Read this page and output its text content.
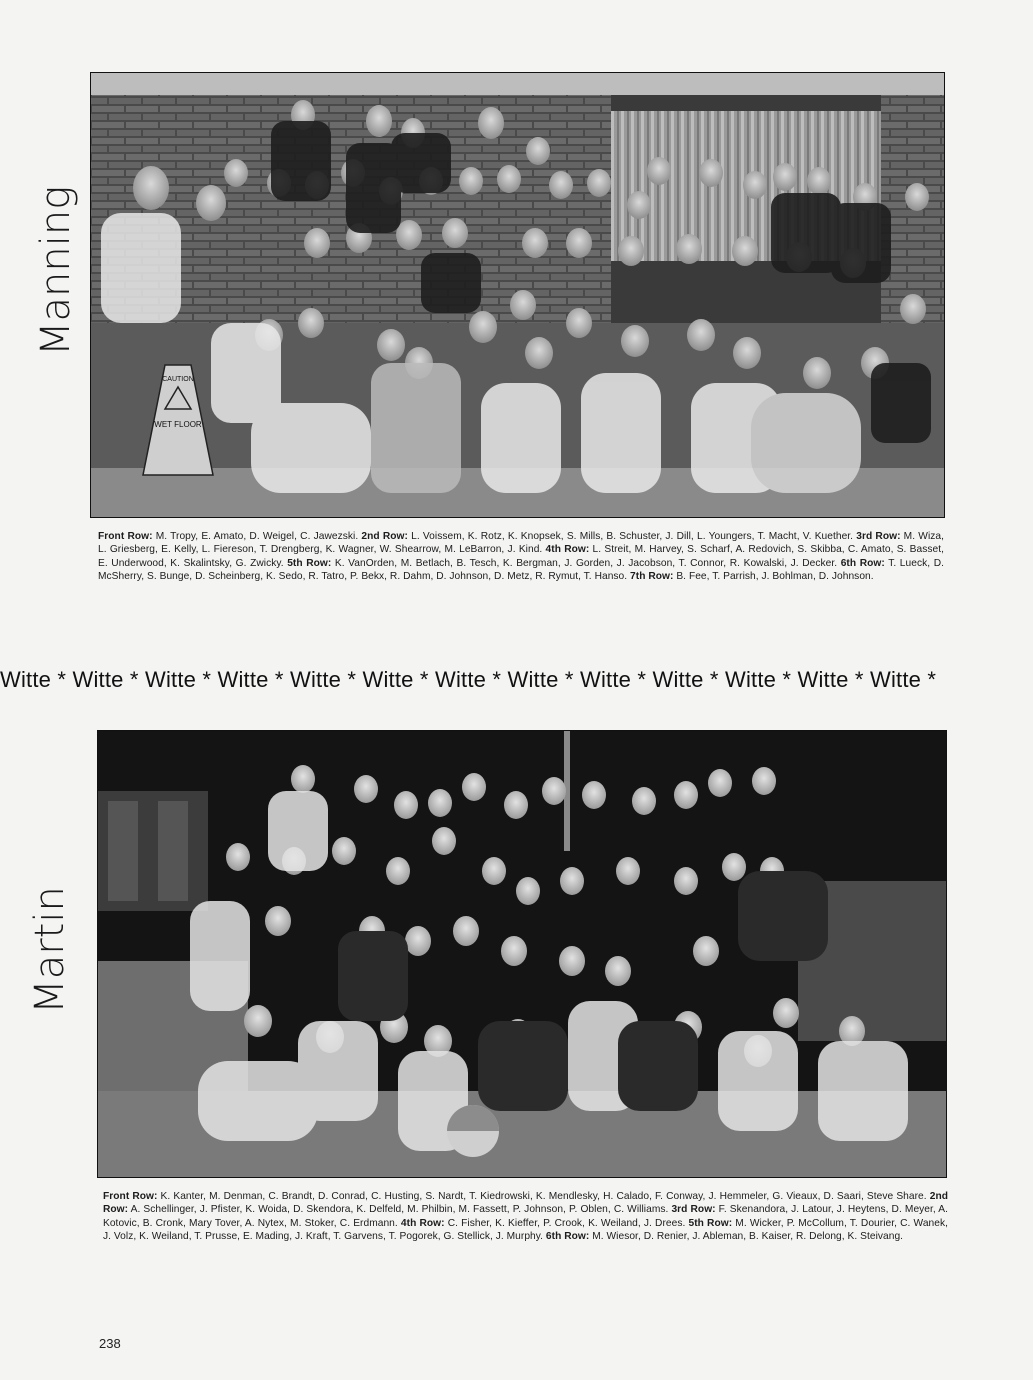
Manning
Martin
CAUTION
WET FLOOR
Front Row: M. Tropy, E. Amato, D. Weigel, C. Jawezski. 2nd Row: L. Voissem, K. Rotz, K. Knopsek, S. Mills, B. Schuster, J. Dill, L. Youngers, T. Macht, V. Kuether. 3rd Row: M. Wiza, L. Griesberg, E. Kelly, L. Fiereson, T. Drengberg, K. Wagner, W. Shearrow, M. LeBarron, J. Kind. 4th Row: L. Streit, M. Harvey, S. Scharf, A. Redovich, S. Skibba, C. Amato, S. Basset, E. Underwood, K. Skalintsky, G. Zwicky. 5th Row: K. VanOrden, M. Betlach, B. Tesch, K. Bergman, J. Gorden, J. Jacobson, T. Connor, R. Kowalski, J. Decker. 6th Row: T. Lueck, D. McSherry, S. Bunge, D. Scheinberg, K. Sedo, R. Tatro, P. Bekx, R. Dahm, D. Johnson, D. Metz, R. Rymut, T. Hanso. 7th Row: B. Fee, T. Parrish, J. Bohlman, D. Johnson.
Witte * Witte * Witte * Witte * Witte * Witte * Witte * Witte * Witte * Witte * Witte * Witte * Witte *
Front Row: K. Kanter, M. Denman, C. Brandt, D. Conrad, C. Husting, S. Nardt, T. Kiedrowski, K. Mendlesky, H. Calado, F. Conway, J. Hemmeler, G. Vieaux, D. Saari, Steve Share. 2nd Row: A. Schellinger, J. Pfister, K. Woida, D. Skendora, K. Delfeld, M. Philbin, M. Fassett, P. Johnson, P. Oblen, C. Williams. 3rd Row: F. Skenandora, J. Latour, J. Heytens, D. Meyer, A. Kotovic, B. Cronk, Mary Tover, A. Nytex, M. Stoker, C. Erdmann. 4th Row: C. Fisher, K. Kieffer, P. Crook, K. Weiland, J. Drees. 5th Row: M. Wicker, P. McCollum, T. Dourier, C. Wanek, J. Volz, K. Weiland, T. Prusse, E. Mading, J. Kraft, T. Garvens, T. Pogorek, G. Stellick, J. Murphy. 6th Row: M. Wiesor, D. Renier, J. Ableman, B. Kaiser, R. Delong, K. Steivang.
238
